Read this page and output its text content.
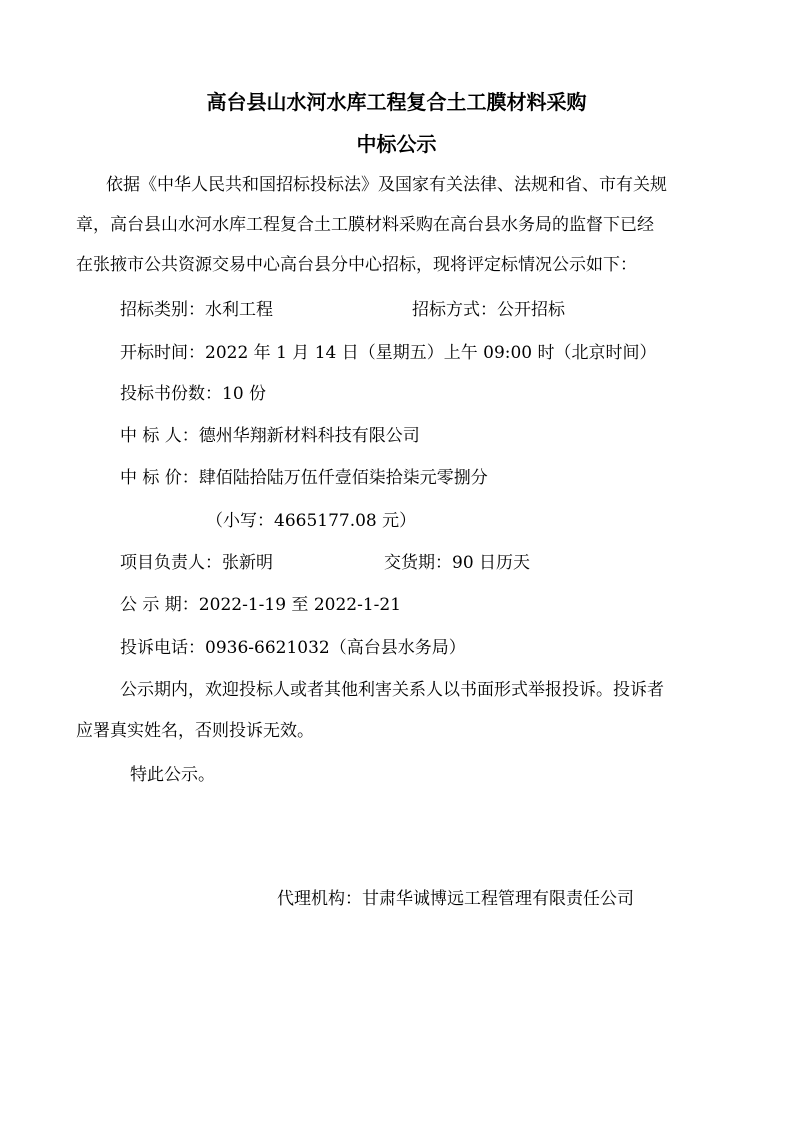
高台县山水河水库工程复合土工膜材料采购
中标公示
依据《中华人民共和国招标投标法》及国家有关法律、法规和省、市有关规
章，高台县山水河水库工程复合土工膜材料采购在高台县水务局的监督下已经
在张掖市公共资源交易中心高台县分中心招标，现将评定标情况公示如下：
招标类别：水利工程	招标方式：公开招标
开标时间：2022 年 1 月 14 日（星期五）上午 09:00 时（北京时间）
投标书份数：10 份
中 标 人：德州华翔新材料科技有限公司
中 标 价：肆佰陆拾陆万伍仟壹佰柒拾柒元零捌分
（小写：4665177.08 元）
项目负责人：张新明	交货期：90 日历天
公 示 期：2022-1-19 至 2022-1-21
投诉电话：0936-6621032（高台县水务局）
公示期内，欢迎投标人或者其他利害关系人以书面形式举报投诉。投诉者
应署真实姓名，否则投诉无效。
特此公示。
代理机构：甘肃华诚博远工程管理有限责任公司
